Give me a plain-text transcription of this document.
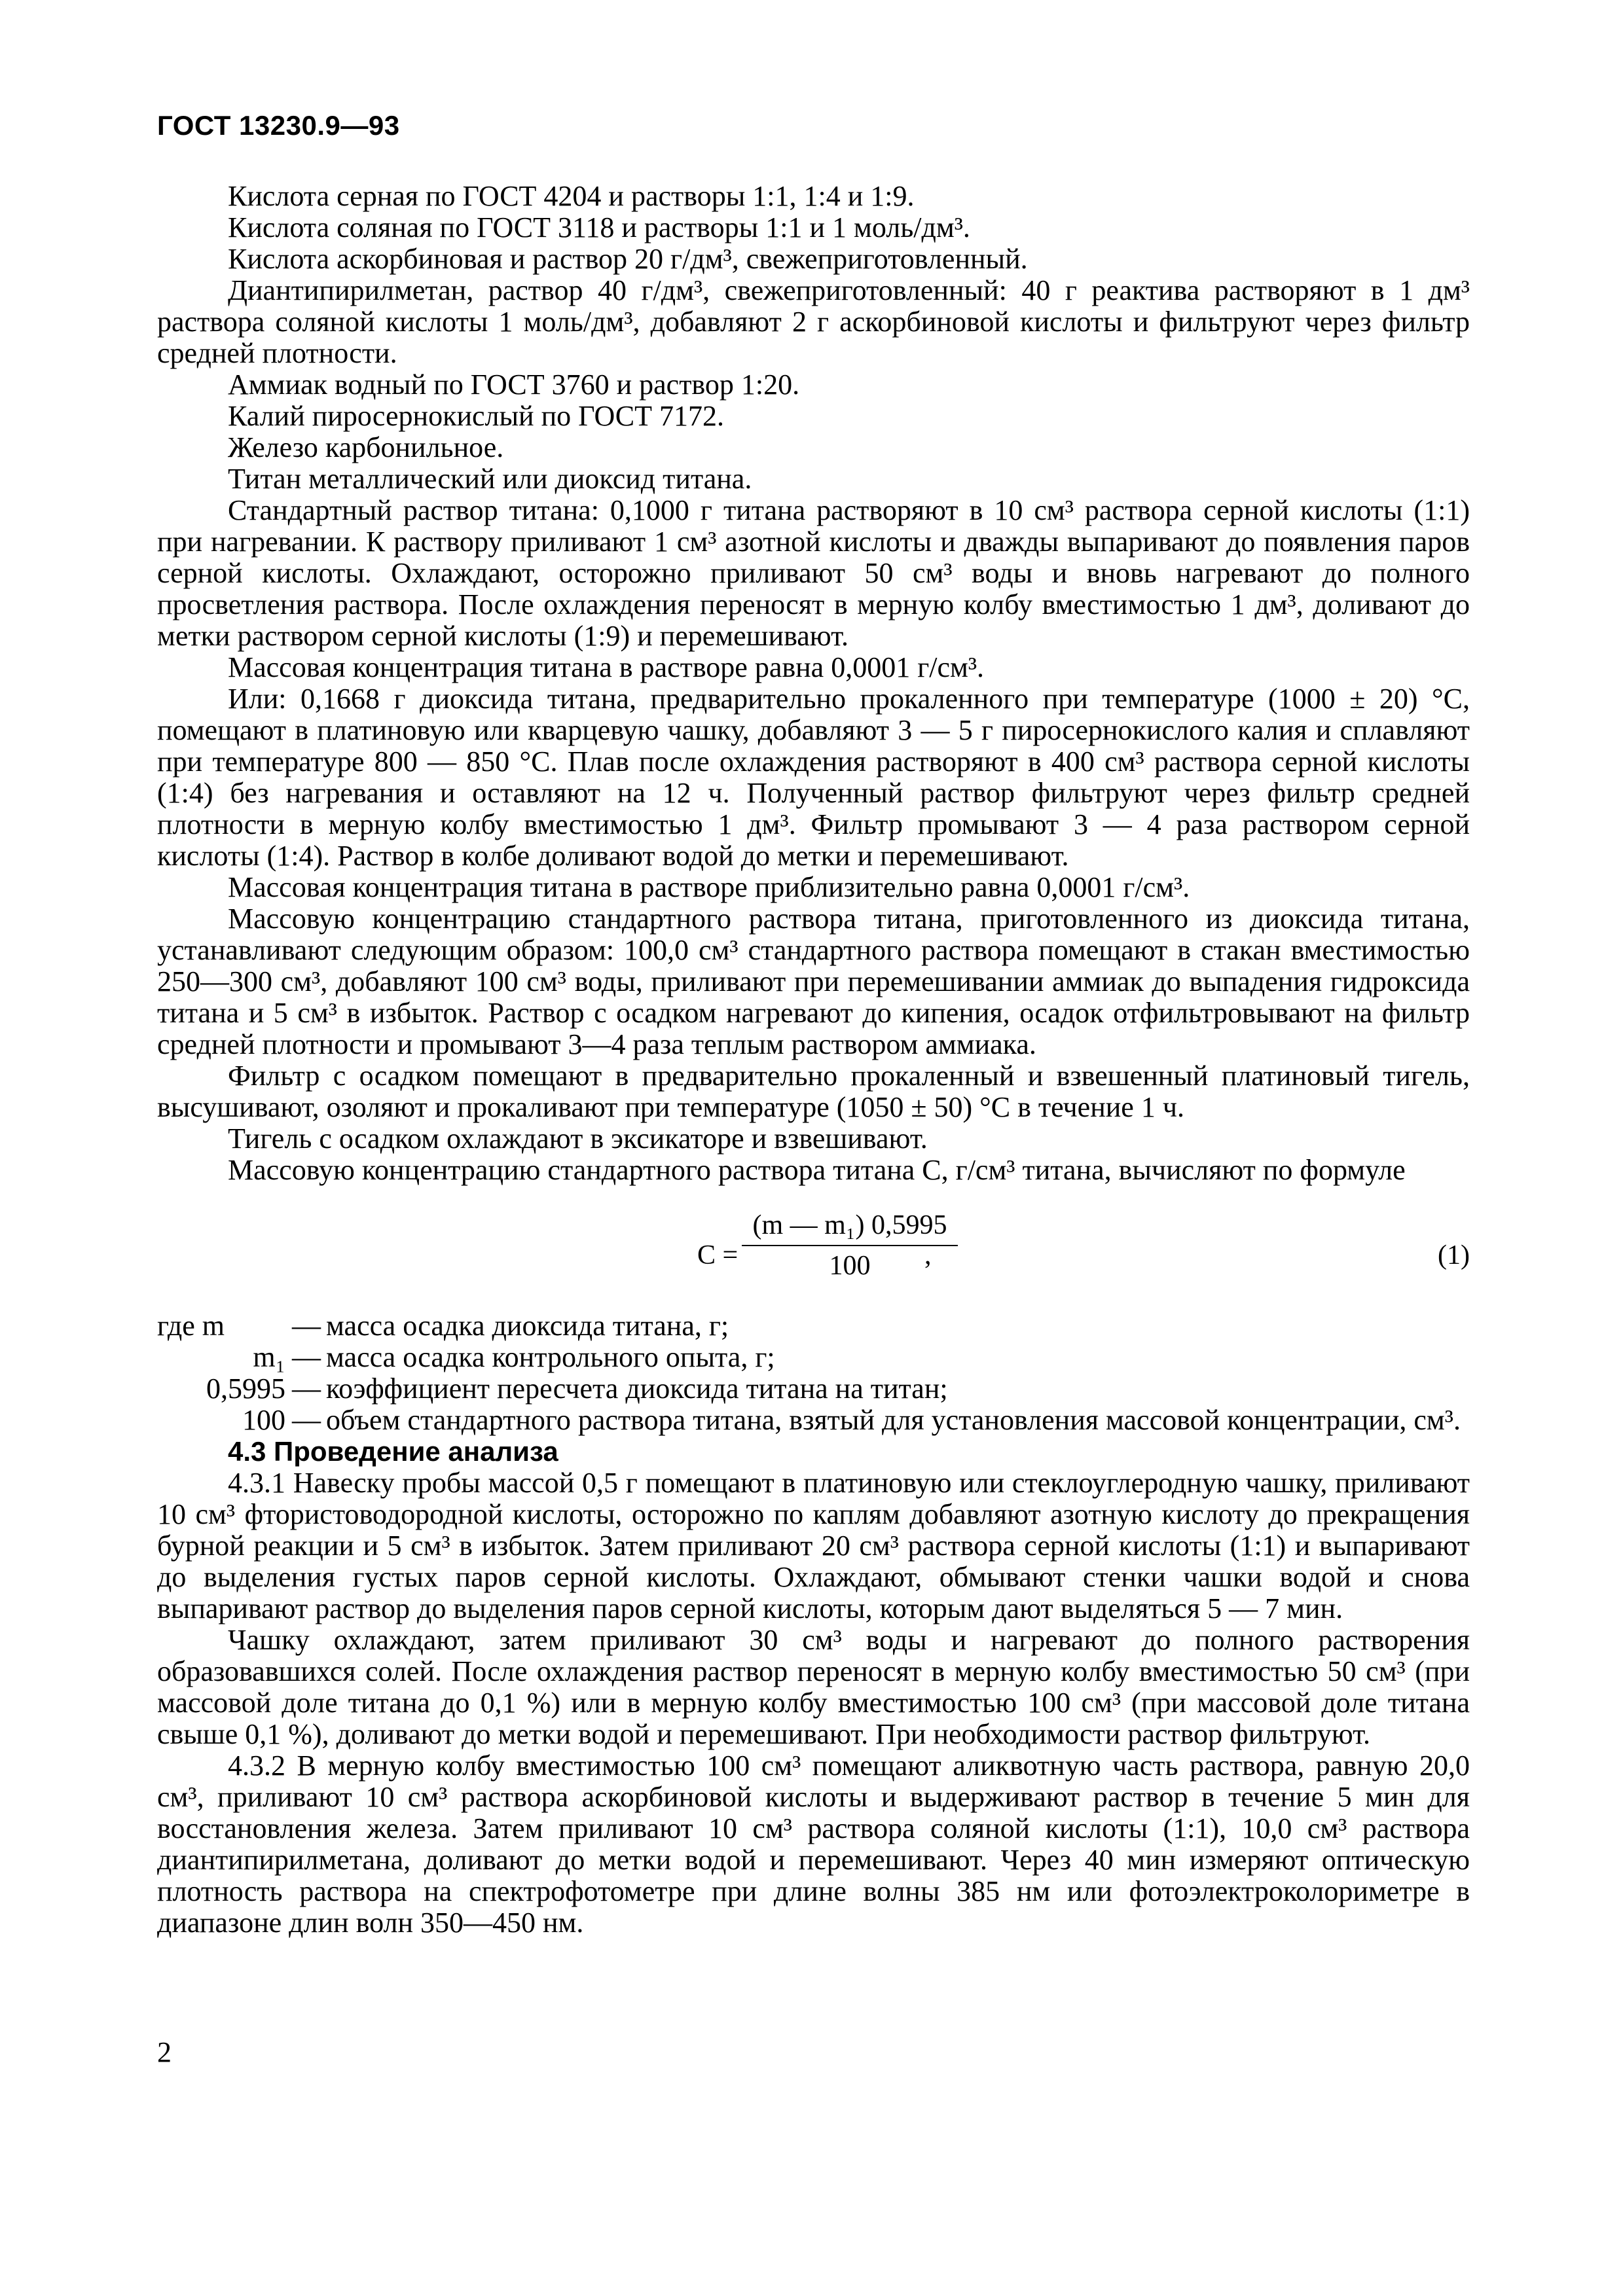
ГОСТ 13230.9—93

Кислота серная по ГОСТ 4204 и растворы 1:1, 1:4 и 1:9.

Кислота соляная по ГОСТ 3118 и растворы 1:1 и 1 моль/дм³.

Кислота аскорбиновая и раствор 20 г/дм³, свежеприготовленный.

Диантипирилметан, раствор 40 г/дм³, свежеприготовленный: 40 г реактива растворяют в 1 дм³ раствора соляной кислоты 1 моль/дм³, добавляют 2 г аскорбиновой кислоты и фильтруют через фильтр средней плотности.

Аммиак водный по ГОСТ 3760 и раствор 1:20.

Калий пиросернокислый по ГОСТ 7172.

Железо карбонильное.

Титан металлический или диоксид титана.

Стандартный раствор титана: 0,1000 г титана растворяют в 10 см³ раствора серной кислоты (1:1) при нагревании. К раствору приливают 1 см³ азотной кислоты и дважды выпаривают до появления паров серной кислоты. Охлаждают, осторожно приливают 50 см³ воды и вновь нагревают до полного просветления раствора. После охлаждения переносят в мерную колбу вместимостью 1 дм³, доливают до метки раствором серной кислоты (1:9) и перемешивают.

Массовая концентрация титана в растворе равна 0,0001 г/см³.

Или: 0,1668 г диоксида титана, предварительно прокаленного при температуре (1000 ± 20) °С, помещают в платиновую или кварцевую чашку, добавляют 3 — 5 г пиросернокислого калия и сплавляют при температуре 800 — 850 °С. Плав после охлаждения растворяют в 400 см³ раствора серной кислоты (1:4) без нагревания и оставляют на 12 ч. Полученный раствор фильтруют через фильтр средней плотности в мерную колбу вместимостью 1 дм³. Фильтр промывают 3 — 4 раза раствором серной кислоты (1:4). Раствор в колбе доливают водой до метки и перемешивают.

Массовая концентрация титана в растворе приблизительно равна 0,0001 г/см³.

Массовую концентрацию стандартного раствора титана, приготовленного из диоксида титана, устанавливают следующим образом: 100,0 см³ стандартного раствора помещают в стакан вместимостью 250—300 см³, добавляют 100 см³ воды, приливают при перемешивании аммиак до выпадения гидроксида титана и 5 см³ в избыток. Раствор с осадком нагревают до кипения, осадок отфильтровывают на фильтр средней плотности и промывают 3—4 раза теплым раствором аммиака.

Фильтр с осадком помещают в предварительно прокаленный и взвешенный платиновый тигель, высушивают, озоляют и прокаливают при температуре (1050 ± 50) °С в течение 1 ч.

Тигель с осадком охлаждают в эксикаторе и взвешивают.

Массовую концентрацию стандартного раствора титана С, г/см³ титана, вычисляют по формуле

С =
(m — m₁) 0,5995
100	,	(1)
где m	— масса осадка диоксида титана, г;
m₁ — масса осадка контрольного опыта, г;
0,5995 — коэффициент пересчета диоксида титана на титан;
100 — объем стандартного раствора титана, взятый для установления массовой концентрации, см³.

4.3 Проведение анализа

4.3.1 Навеску пробы массой 0,5 г помещают в платиновую или стеклоуглеродную чашку, приливают 10 см³ фтористоводородной кислоты, осторожно по каплям добавляют азотную кислоту до прекращения бурной реакции и 5 см³ в избыток. Затем приливают 20 см³ раствора серной кислоты (1:1) и выпаривают до выделения густых паров серной кислоты. Охлаждают, обмывают стенки чашки водой и снова выпаривают раствор до выделения паров серной кислоты, которым дают выделяться 5 — 7 мин.

Чашку охлаждают, затем приливают 30 см³ воды и нагревают до полного растворения образовавшихся солей. После охлаждения раствор переносят в мерную колбу вместимостью 50 см³ (при массовой доле титана до 0,1 %) или в мерную колбу вместимостью 100 см³ (при массовой доле титана свыше 0,1 %), доливают до метки водой и перемешивают. При необходимости раствор фильтруют.

4.3.2 В мерную колбу вместимостью 100 см³ помещают аликвотную часть раствора, равную 20,0 см³, приливают 10 см³ раствора аскорбиновой кислоты и выдерживают раствор в течение 5 мин для восстановления железа. Затем приливают 10 см³ раствора соляной кислоты (1:1), 10,0 см³ раствора диантипирилметана, доливают до метки водой и перемешивают. Через 40 мин измеряют оптическую плотность раствора на спектрофотометре при длине волны 385 нм или фотоэлектроколориметре в диапазоне длин волн 350—450 нм.

2
